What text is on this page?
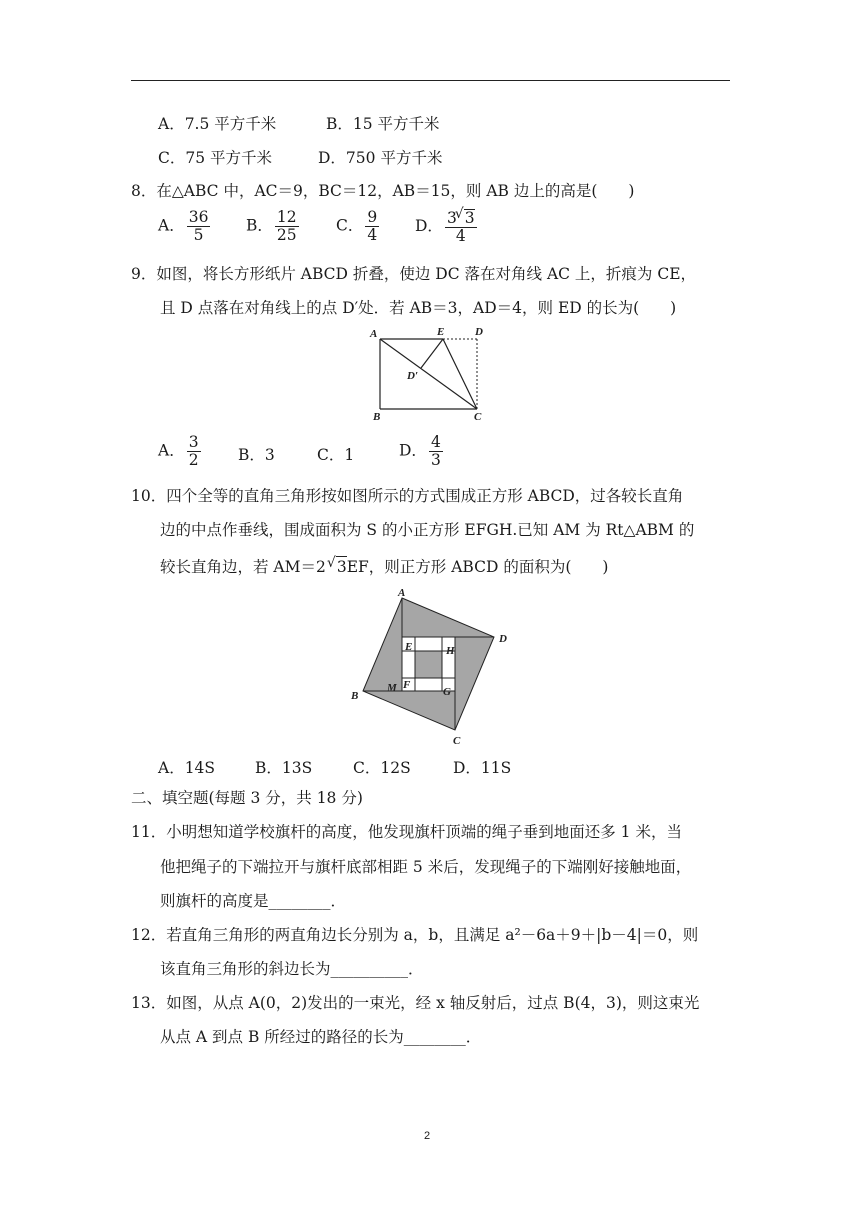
A．7.5 平方千米	B．15 平方千米
C．75 平方千米	D．750 平方千米
8．在△ABC 中，AC＝9，BC＝12，AB＝15，则 AB 边上的高是(　　)
A． $\frac{36}{5}$ B． $\frac{12}{25}$ C． $\frac{9}{4}$ D． $\frac{3 √ 3}{4}$
9．如图，将长方形纸片 ABCD 折叠，使边 DC 落在对角线 AC 上，折痕为 CE，
且 D 点落在对角线上的点 D′处．若 AB＝3，AD＝4，则 ED 的长为(　　)
A	E	D
D′
B	C
A． $\frac{3}{2}$ B．3	C．1	D． $\frac{4}{3}$
10．四个全等的直角三角形按如图所示的方式围成正方形 ABCD，过各较长直角
边的中点作垂线，围成面积为 S 的小正方形 EFGH.已知 AM 为 Rt△ABM 的
较长直角边，若 AM＝2 √ 3EF，则正方形 ABCD 的面积为(　　)
A
D
C
B
E	H
F
G
M
A．14S	B．13S	C．12S	D．11S
二、填空题(每题 3 分，共 18 分)
11．小明想知道学校旗杆的高度，他发现旗杆顶端的绳子垂到地面还多 1 米，当
他把绳子的下端拉开与旗杆底部相距 5 米后，发现绳子的下端刚好接触地面，
则旗杆的高度是________．
12．若直角三角形的两直角边长分别为 a，b，且满足 a²－6a＋9＋|b－4|＝0，则
该直角三角形的斜边长为__________．
13．如图，从点 A(0，2)发出的一束光，经 x 轴反射后，过点 B(4，3)，则这束光
从点 A 到点 B 所经过的路径的长为________．
2
